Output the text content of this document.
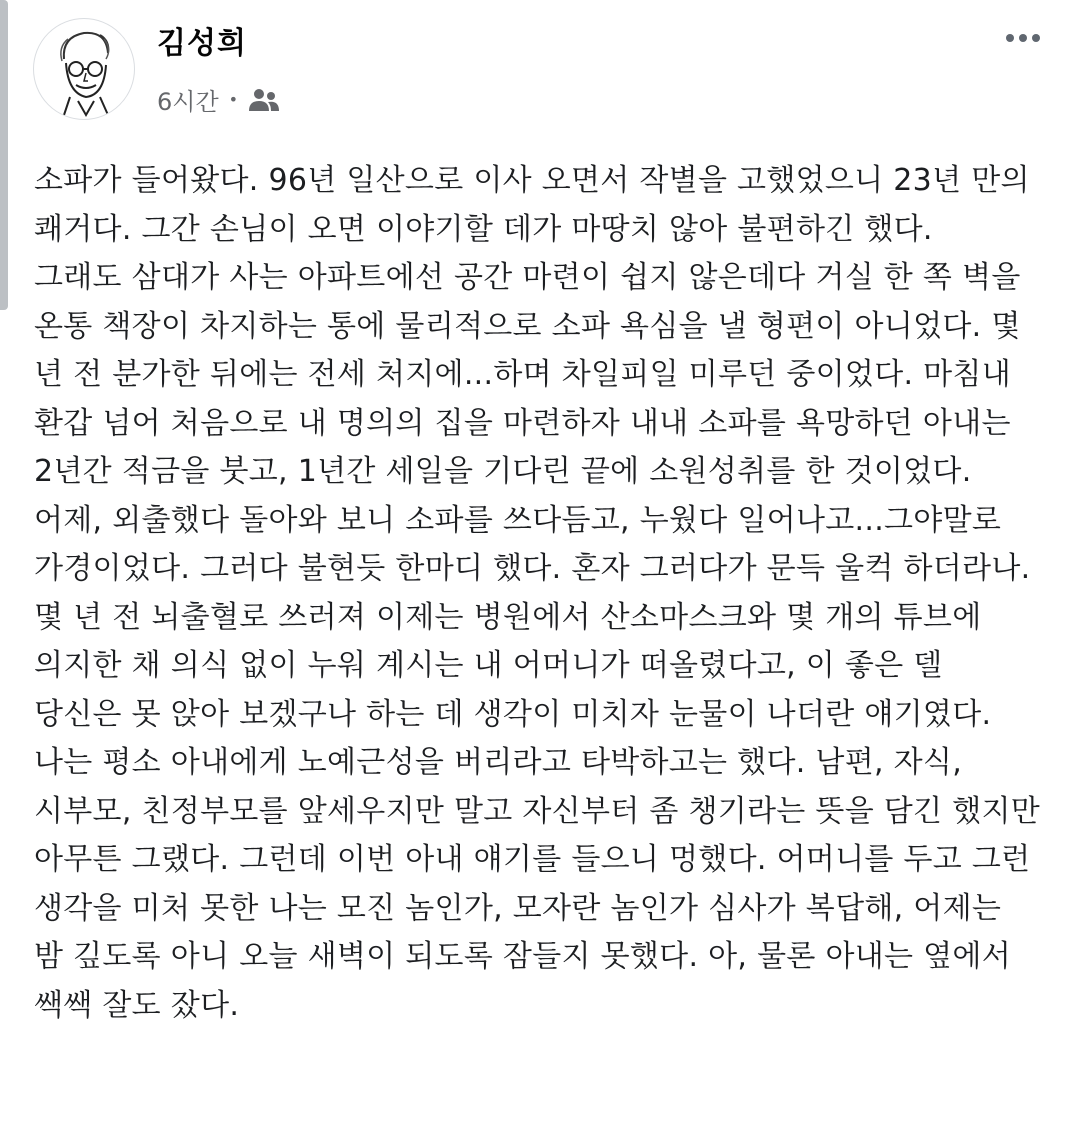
김성희
6시간 •
소파가 들어왔다. 96년 일산으로 이사 오면서 작별을 고했었으니 23년 만의
쾌거다. 그간 손님이 오면 이야기할 데가 마땅치 않아 불편하긴 했다.
그래도 삼대가 사는 아파트에선 공간 마련이 쉽지 않은데다 거실 한 쪽 벽을
온통 책장이 차지하는 통에 물리적으로 소파 욕심을 낼 형편이 아니었다. 몇
년 전 분가한 뒤에는 전세 처지에...하며 차일피일 미루던 중이었다. 마침내
환갑 넘어 처음으로 내 명의의 집을 마련하자 내내 소파를 욕망하던 아내는
2년간 적금을 붓고, 1년간 세일을 기다린 끝에 소원성취를 한 것이었다.
어제, 외출했다 돌아와 보니 소파를 쓰다듬고, 누웠다 일어나고...그야말로
가경이었다. 그러다 불현듯 한마디 했다. 혼자 그러다가 문득 울컥 하더라나.
몇 년 전 뇌출혈로 쓰러져 이제는 병원에서 산소마스크와 몇 개의 튜브에
의지한 채 의식 없이 누워 계시는 내 어머니가 떠올렸다고, 이 좋은 델
당신은 못 앉아 보겠구나 하는 데 생각이 미치자 눈물이 나더란 얘기였다.
나는 평소 아내에게 노예근성을 버리라고 타박하고는 했다. 남편, 자식,
시부모, 친정부모를 앞세우지만 말고 자신부터 좀 챙기라는 뜻을 담긴 했지만
아무튼 그랬다. 그런데 이번 아내 얘기를 들으니 멍했다. 어머니를 두고 그런
생각을 미처 못한 나는 모진 놈인가, 모자란 놈인가 심사가 복답해, 어제는
밤 깊도록 아니 오늘 새벽이 되도록 잠들지 못했다. 아, 물론 아내는 옆에서
쌕쌕 잘도 잤다.
